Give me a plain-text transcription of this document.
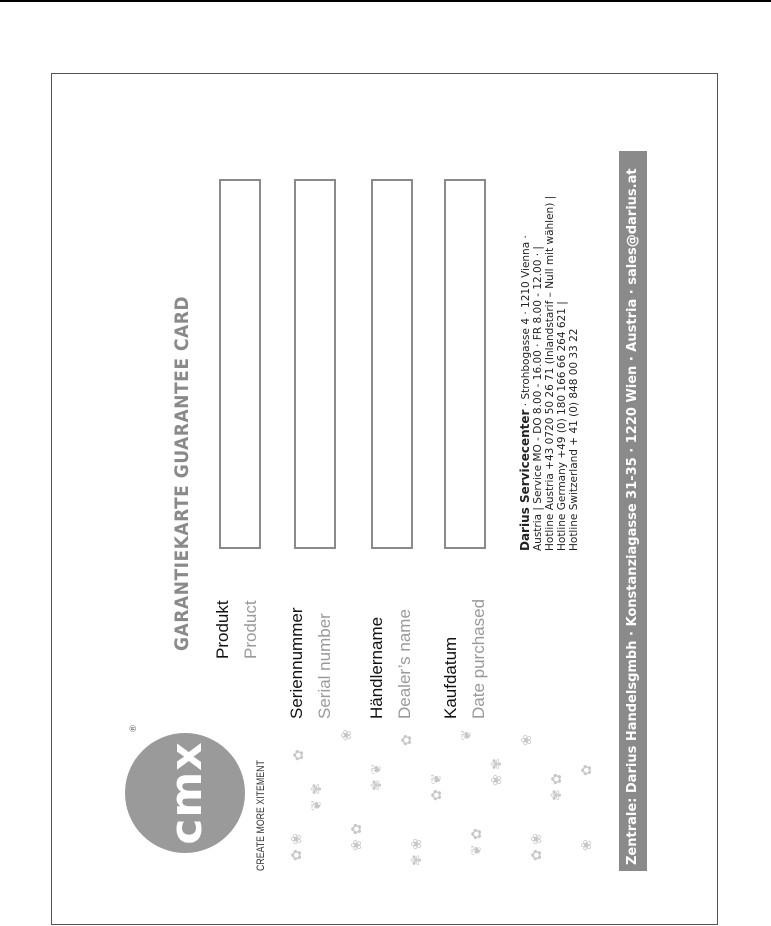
cmx
®
CREATE MORE XITEMENT ✿ ❀
❦ ✾
✿
❀ ✿
✾ ❦
❀
✾ ❀
✿ ❦
✿
❦ ✿
❀ ✾
❦
✿ ❀
✾ ✿
❀
❀
✿
GARANTIEKARTE GUARANTEE CARD Produkt Product Seriennummer Serial number Händlername Dealer’s name Kaufdatum Date purchased
Darius Servicecenter · Strohbogasse 4 · 1210 Vienna · Austria | Service MO - DO 8.00 - 16.00 · FR 8.00 - 12.00 · | Hotline Austria +43 0720 50 26 71 (Inlandstarif – Null mit wählen) | Hotline Germany +49 (0) 180 166 66 264 621 | Hotline Switzerland + 41 (0) 848 00 33 22	Zentrale: Darius Handelsgmbh · Konstanziagasse 31-35 · 1220 Wien · Austria · sales@darius.at
